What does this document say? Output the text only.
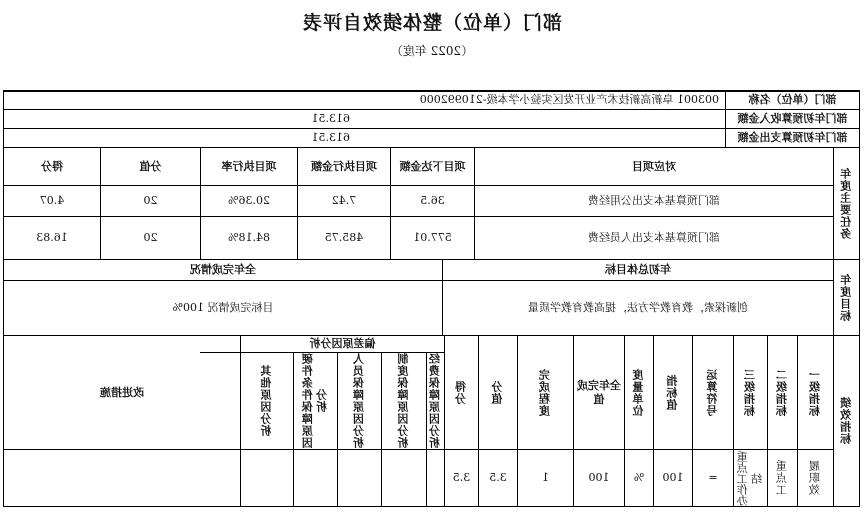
部门（单位）整体绩效自评表
（2022 年度）
部门（单位）名称
003001 阜新高新技术产业开发区实验小学本级-210992000
部门年初预算收入金额
613.51
部门年初预算支出金额
613.51
年度主要任务
对应项目
项目下达金额
项目执行金额
项目执行率
分值
得分
部门预算基本支出公用经费
36.5
7.42
20.36%
20
4.07
部门预算基本支出人员经费
577.01
485.75
84.18%
20
16.83
年度目标
年初总体目标
全年完成情况
创新探索，教育教学方法，提高教育教学质量
目标完成情况 100%
绩效指标
一级指标
二级指标
三级指标
运算符号
指标值
度量单位
全年完成值
完成程度
分值
得分
偏差原因分析
经费保障原因分析
制度保障原因分析
人员保障原因分析
硬件条件保障原因分析
其他原因分析
改进措施
履职效
重点工
重点工作办结
=
100
%
100
1
3.5
3.5
